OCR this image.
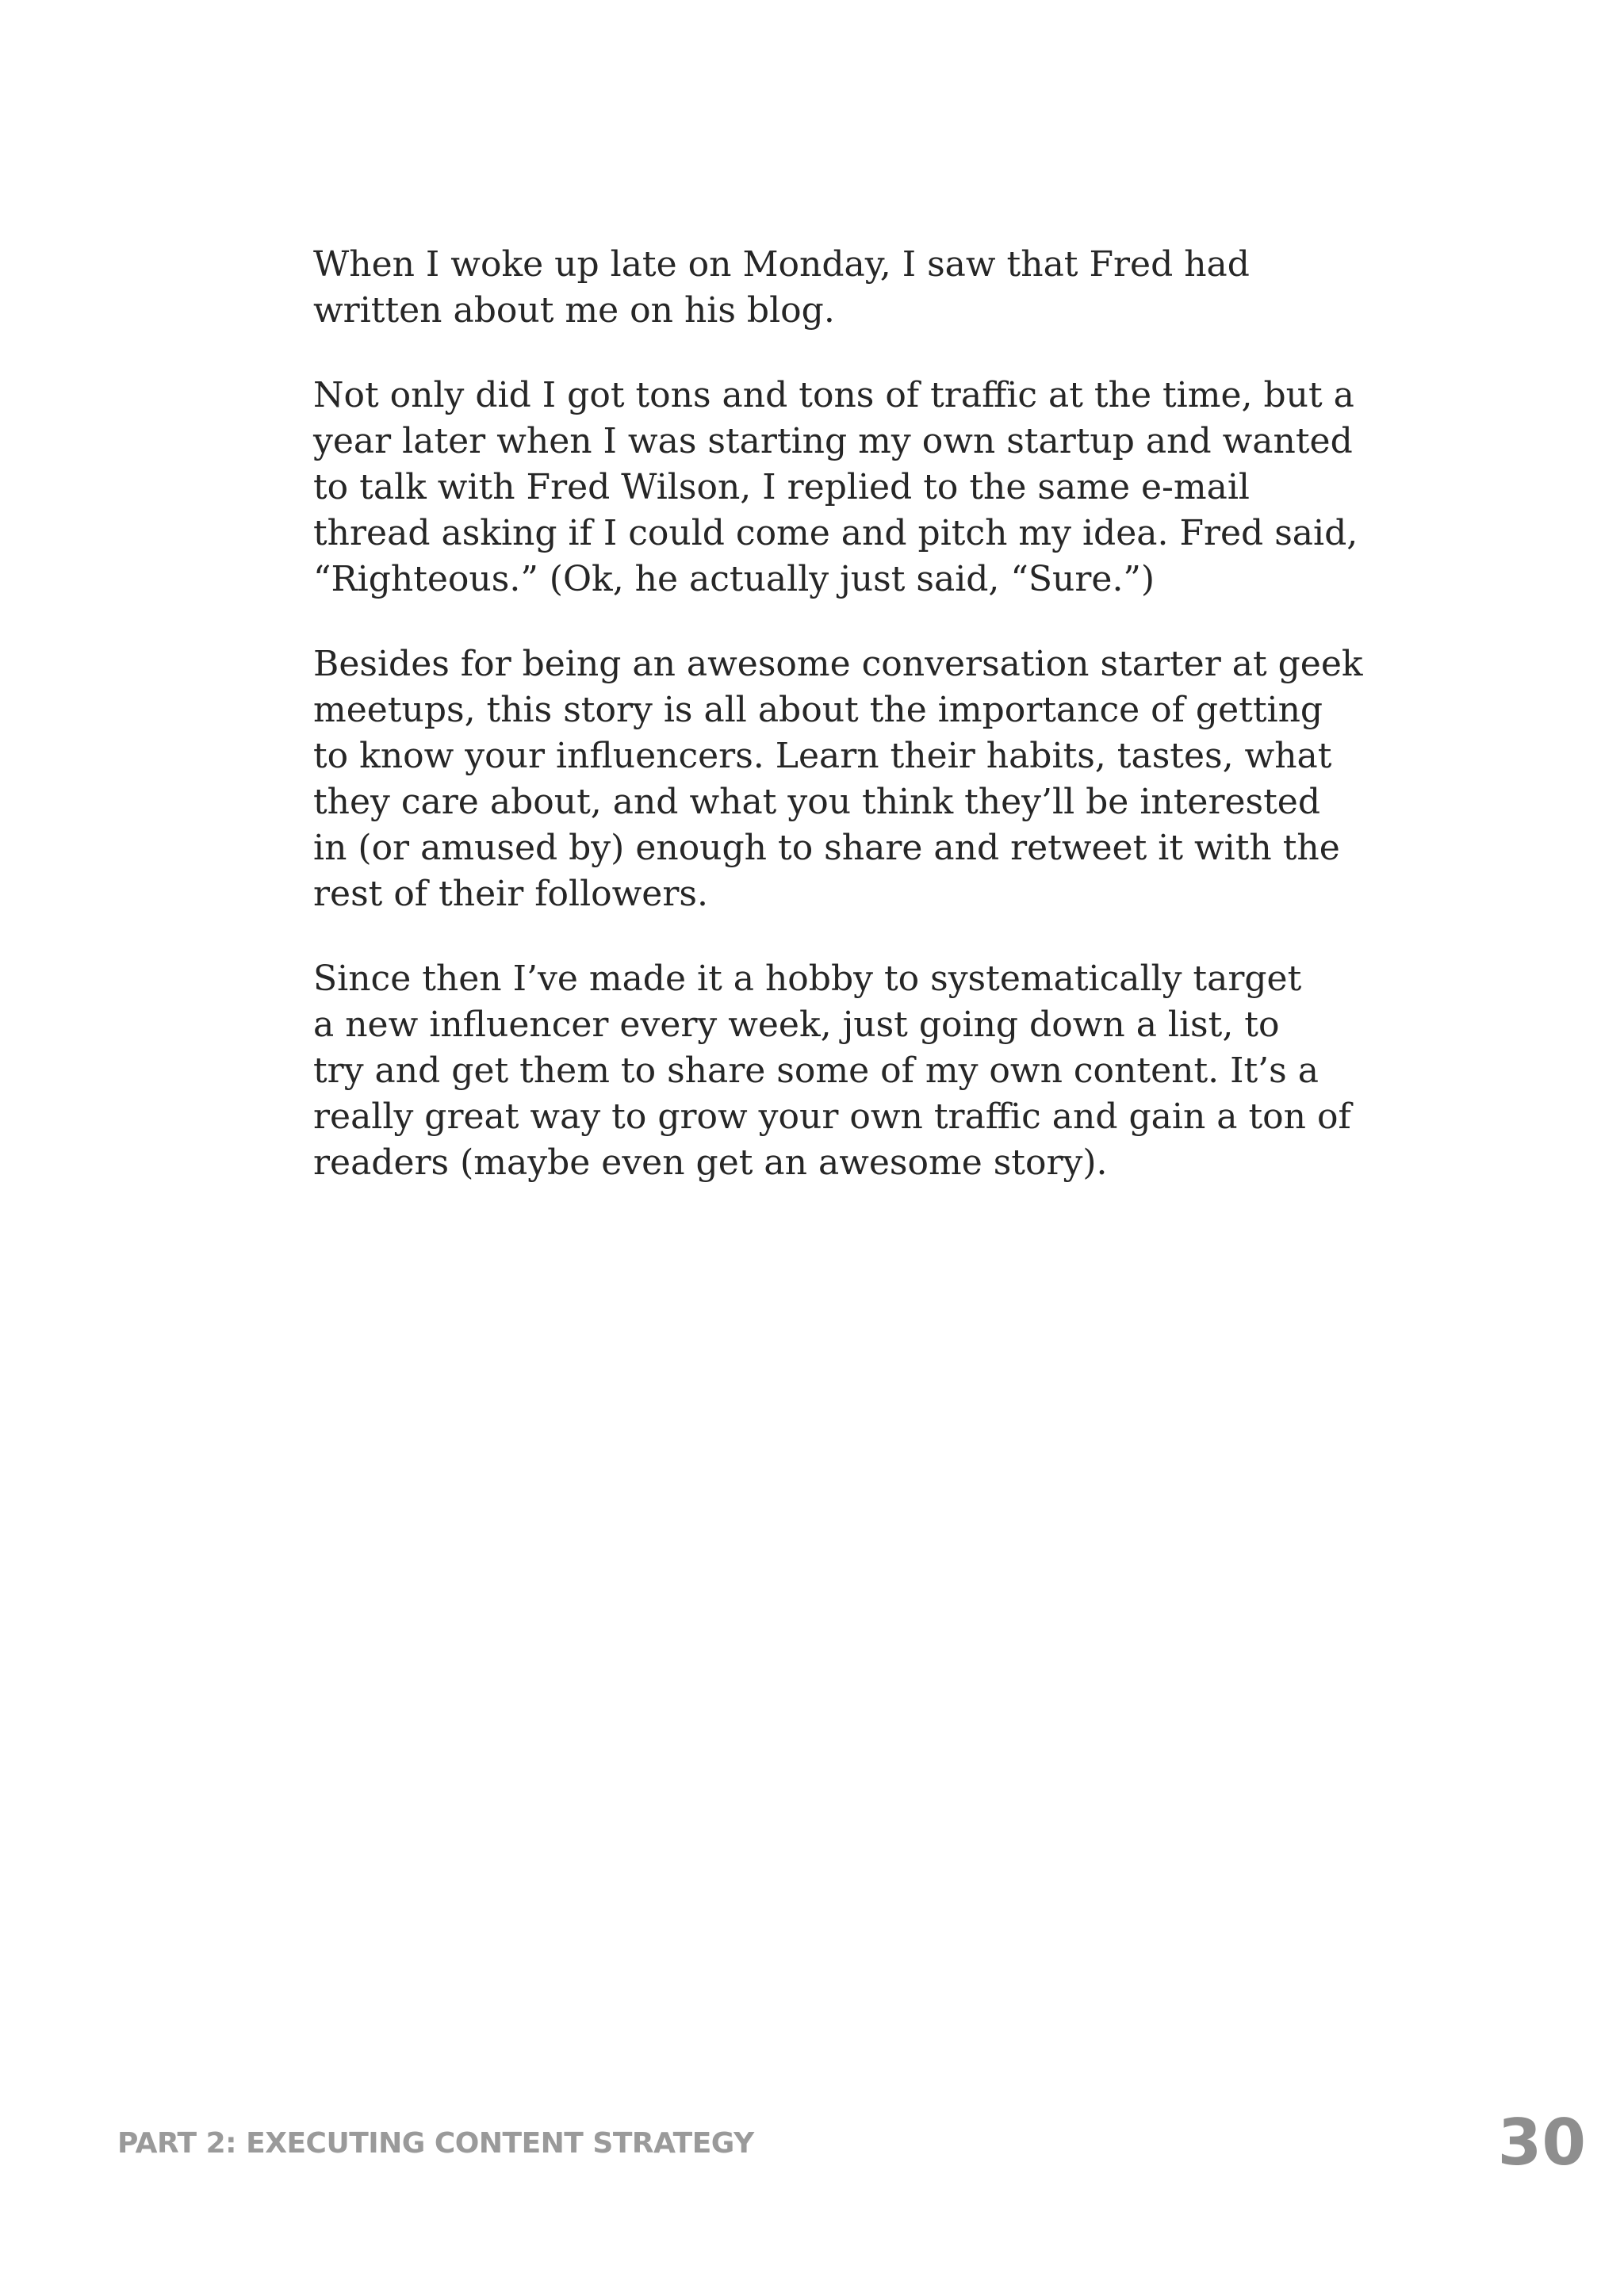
When I woke up late on Monday, I saw that Fred had
written about me on his blog.

Not only did I got tons and tons of traffic at the time, but a
year later when I was starting my own startup and wanted
to talk with Fred Wilson, I replied to the same e-mail
thread asking if I could come and pitch my idea. Fred said,
“Righteous.” (Ok, he actually just said, “Sure.”)

Besides for being an awesome conversation starter at geek
meetups, this story is all about the importance of getting
to know your influencers. Learn their habits, tastes, what
they care about, and what you think they’ll be interested
in (or amused by) enough to share and retweet it with the
rest of their followers.

Since then I’ve made it a hobby to systematically target
a new influencer every week, just going down a list, to
try and get them to share some of my own content. It’s a
really great way to grow your own traffic and gain a ton of
readers (maybe even get an awesome story).

PART 2: EXECUTING CONTENT STRATEGY	30
